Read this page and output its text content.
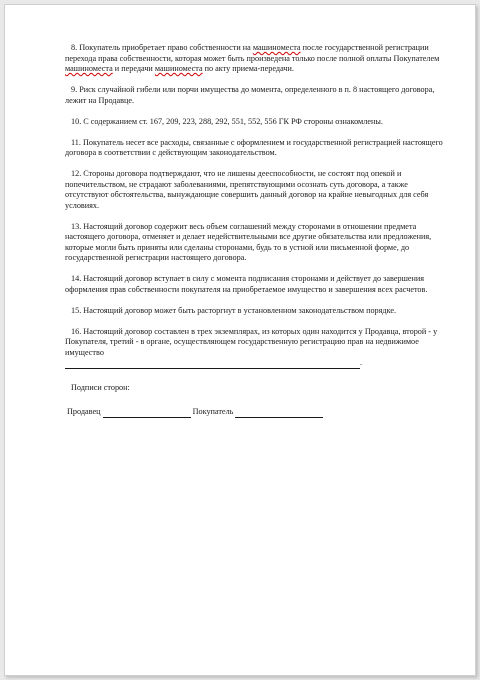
8. Покупатель приобретает право собственности на машиноместа после государственной регистрации перехода права собственности, которая может быть произведена только после полной оплаты Покупателем машиноместа и передачи машиноместа по акту приема-передачи.
9. Риск случайной гибели или порчи имущества до момента, определенного в п. 8 настоящего договора, лежит на Продавце.
10. С содержанием ст. 167, 209, 223, 288, 292, 551, 552, 556 ГК РФ стороны ознакомлены.
11. Покупатель несет все расходы, связанные с оформлением и государственной регистрацией настоящего договора в соответствии с действующим законодательством.
12. Стороны договора подтверждают, что не лишены дееспособности, не состоят под опекой и попечительством, не страдают заболеваниями, препятствующими осознать суть договора, а также отсутствуют обстоятельства, вынуждающие совершить данный договор на крайне невыгодных для себя условиях.
13. Настоящий договор содержит весь объем соглашений между сторонами в отношении предмета настоящего договора, отменяет и делает недействительными все другие обязательства или предложения, которые могли быть приняты или сделаны сторонами, будь то в устной или письменной форме, до государственной регистрации настоящего договора.
14. Настоящий договор вступает в силу с момента подписания сторонами и действует до завершения оформления прав собственности покупателя на приобретаемое имущество и завершения всех расчетов.
15. Настоящий договор может быть расторгнут в установленном законодательством порядке.
16. Настоящий договор составлен в трех экземплярах, из которых один находится у Продавца, второй - у Покупателя, третий - в органе, осуществляющем государственную регистрацию прав на недвижимое имущество
.
Подписи сторон:
Продавец	Покупатель
